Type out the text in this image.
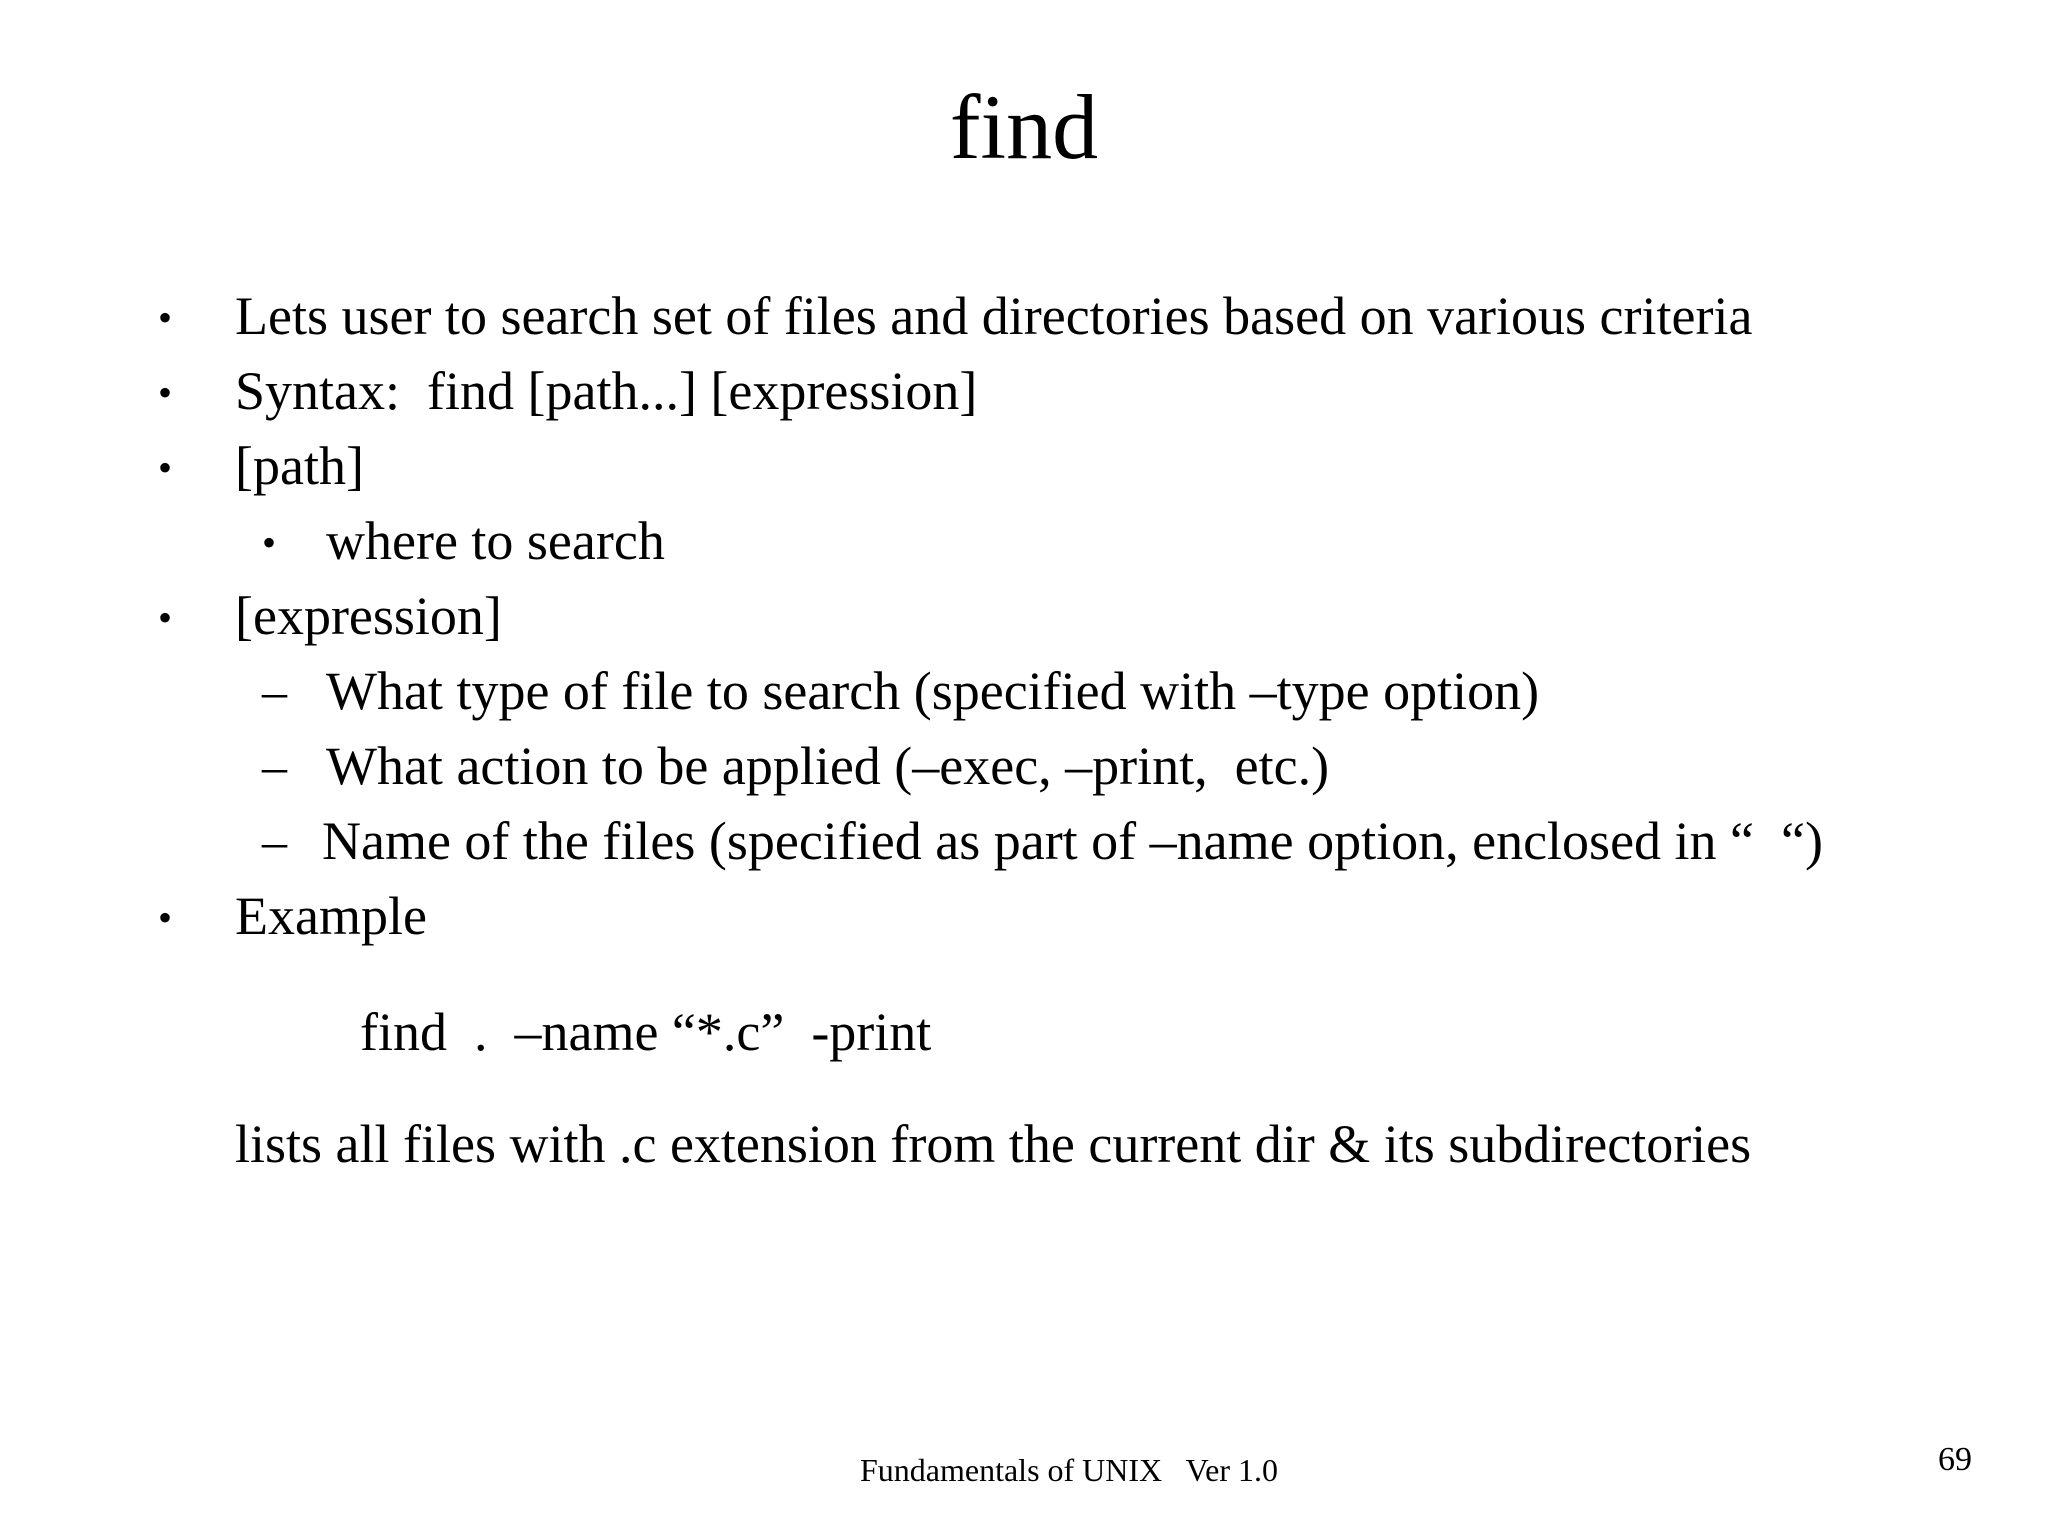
find
• Lets user to search set of files and directories based on various criteria
• Syntax:  find [path...] [expression]
• [path]
• where to search
• [expression]
– What type of file to search (specified with –type option)
– What action to be applied (–exec, –print,  etc.)
– Name of the files (specified as part of –name option, enclosed in “  “)
• Example
find  .  –name “*.c”  -print
lists all files with .c extension from the current dir & its subdirectories
Fundamentals of UNIX   Ver 1.0	69
